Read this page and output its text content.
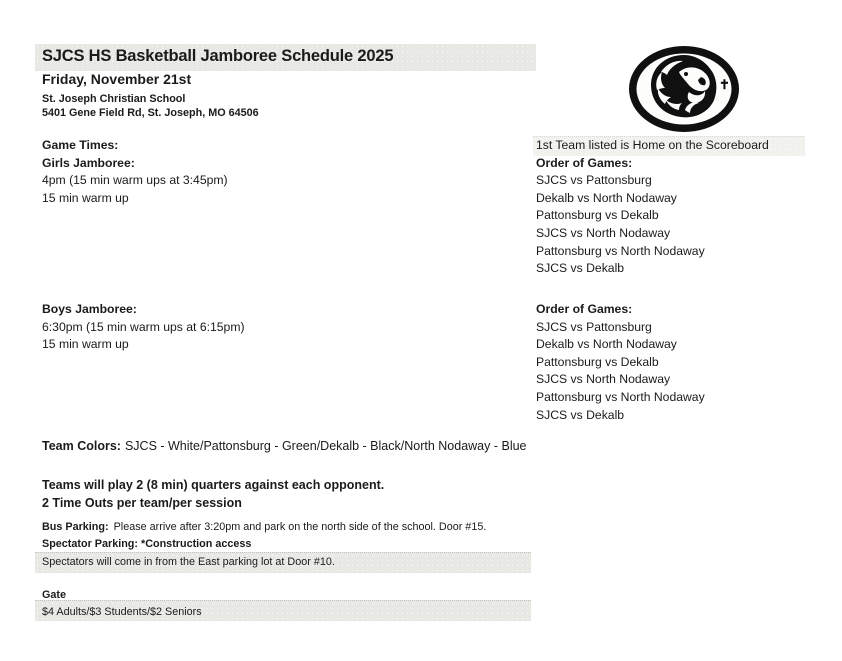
SJCS HS Basketball Jamboree Schedule 2025
Friday, November 21st
St. Joseph Christian School
5401 Gene Field Rd, St. Joseph, MO 64506
✝
Game Times:
Girls Jamboree:
4pm (15 min warm ups at 3:45pm)
15 min warm up
1st Team listed is Home on the Scoreboard
Order of Games:
SJCS vs Pattonsburg
Dekalb vs North Nodaway
Pattonsburg vs Dekalb
SJCS vs North Nodaway
Pattonsburg vs North Nodaway
SJCS vs Dekalb
Boys Jamboree:
6:30pm (15 min warm ups at 6:15pm)
15 min warm up
Order of Games:
SJCS vs Pattonsburg
Dekalb vs North Nodaway
Pattonsburg vs Dekalb
SJCS vs North Nodaway
Pattonsburg vs North Nodaway
SJCS vs Dekalb
Team Colors: SJCS - White/Pattonsburg - Green/Dekalb - Black/North Nodaway - Blue
Teams will play 2 (8 min) quarters against each opponent.
2 Time Outs per team/per session
Bus Parking: Please arrive after 3:20pm and park on the north side of the school. Door #15.
Spectator Parking: *Construction access
Spectators will come in from the East parking lot at Door #10.
Gate
$4 Adults/$3 Students/$2 Seniors
